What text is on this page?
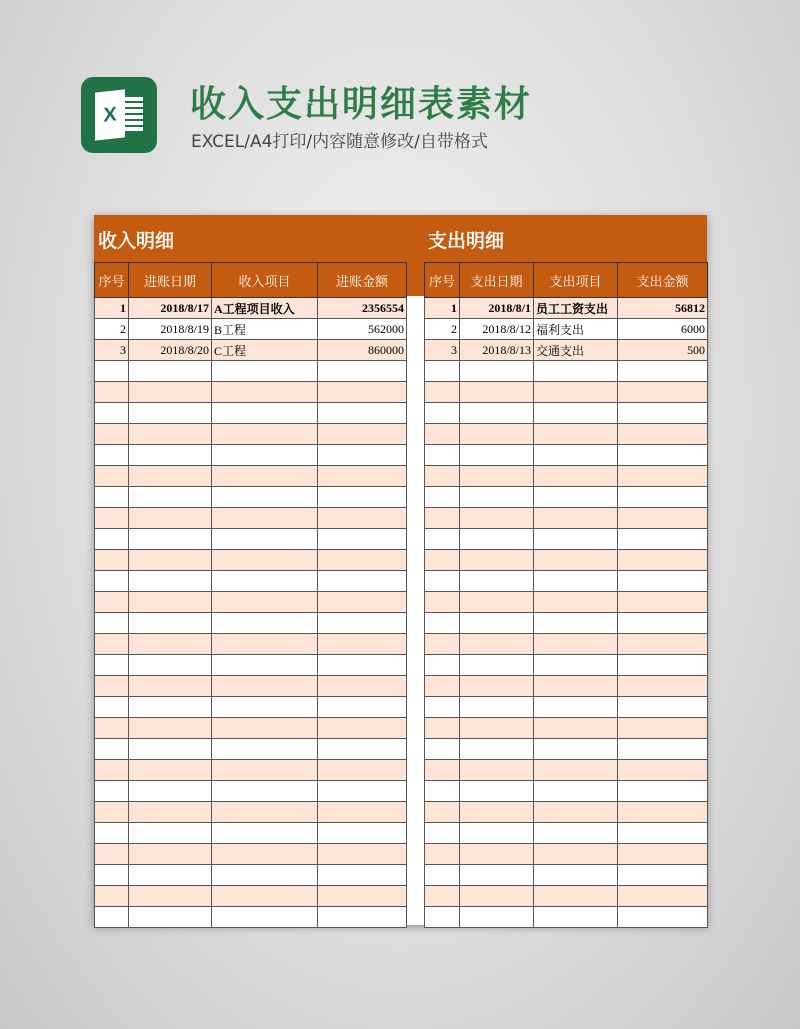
X 收入支出明细表素材
EXCEL/A4打印/内容随意修改/自带格式
收入明细	支出明细
序号	进账日期	收入项目	进账金额
1	2018/8/17	A工程项目收入	2356554
2	2018/8/19	B工程	562000
3	2018/8/20	C工程	860000

序号	支出日期	支出项目	支出金额
1	2018/8/1	员工工资支出	56812
2	2018/8/12	福利支出	6000
3	2018/8/13	交通支出	500
